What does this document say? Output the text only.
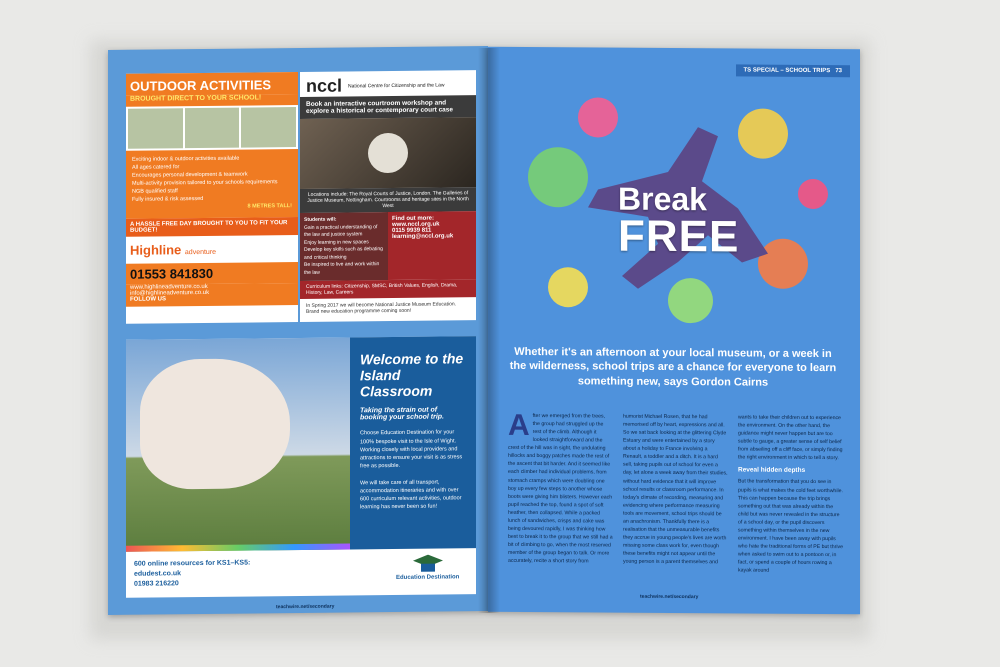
OUTDOOR ACTIVITIES
BROUGHT DIRECT TO YOUR SCHOOL!
Exciting indoor & outdoor activities available
All ages catered for
Encourages personal development & teamwork
Multi-activity provision tailored to your schools requirements
NGB qualified staff
Fully insured & risk assessed
8 METRES TALL!
A HASSLE FREE DAY BROUGHT TO YOU TO FIT YOUR BUDGET!
Highline adventure
01553 841830
www.highlineadventure.co.uk
info@highlineadventure.co.uk
FOLLOW US
nccl National Centre for Citizenship and the Law
Book an interactive courtroom workshop and explore a historical or contemporary court case
Locations include: The Royal Courts of Justice, London. The Galleries of Justice Museum, Nottingham. Courtrooms and heritage sites in the North West
Students will:
Gain a practical understanding of the law and justice system
Enjoy learning in new spaces
Develop key skills such as debating and critical thinking
Be inspired to live and work within the law
Find out more:
www.nccl.org.uk
0115 9939 811
learning@nccl.org.uk
Curriculum links: Citizenship, SMSC, British Values, English, Drama, History, Law, Careers
In Spring 2017 we will become National Justice Museum Education. Brand new education programme coming soon!
Welcome to the Island Classroom
Taking the strain out of booking your school trip.
Choose Education Destination for your 100% bespoke visit to the Isle of Wight. Working closely with local providers and attractions to ensure your visit is as stress free as possible.
We will take care of all transport, accommodation itineraries and with over 600 curriculum relevant activities, outdoor learning has never been so fun!
600 online resources for KS1–KS5:
edudest.co.uk
01983 216220
Education Destination
teachwire.net/secondary
TS SPECIAL – SCHOOL TRIPS 73
Break
FREE
Whether it's an afternoon at your local museum, or a week in the wilderness, school trips are a chance for everyone to learn something new, says Gordon Cairns
After we emerged from the trees, the group had struggled up the rest of the climb. Although it looked straightforward and the crest of the hill was in sight, the undulating hillocks and boggy patches made the rest of the ascent that bit harder. And it seemed like each climber had individual problems, from stomach cramps which were doubling one boy up every few steps to another whose boots were giving him blisters. However each pupil reached the top, found a spot of soft heather, then collapsed. While a packed lunch of sandwiches, crisps and cake was being devoured rapidly, I was thinking how best to break it to the group that we still had a bit of climbing to go, when the most reserved member of the group began to talk. Or more accurately, recite a short story from
humorist Michael Rosen, that he had memorised off by heart, expressions and all. So we sat back looking at the glittering Clyde Estuary and were entertained by a story about a holiday to France involving a Renault, a toddler and a ditch. It is a hard sell, taking pupils out of school for even a day, let alone a week away from their studies, without hard evidence that it will improve school results or classroom performance. In today's climate of recording, measuring and evidencing where performance measuring tools are movement, school trips should be an anachronism. Thankfully there is a realisation that the unmeasurable benefits they accrue in young people's lives are worth missing some class work for, even though these benefits might not appear until the young person is a parent themselves and
wants to take their children out to experience the environment. On the other hand, the guidance might never happen but are too subtle to gauge, a greater sense of self belief from abseiling off a cliff face, or simply finding the right environment in which to tell a story.
Reveal hidden depths
But the transformation that you do see in pupils is what makes the cold feet worthwhile. This can happen because the trip brings something out that was already within the child but was never revealed in the structure of a school day, or the pupil discovers something within themselves in the new environment. I have been away with pupils who hate the traditional forms of PE but thrive when asked to swim out to a pontoon or, in fact, or spend a couple of hours rowing a kayak around
teachwire.net/secondary
